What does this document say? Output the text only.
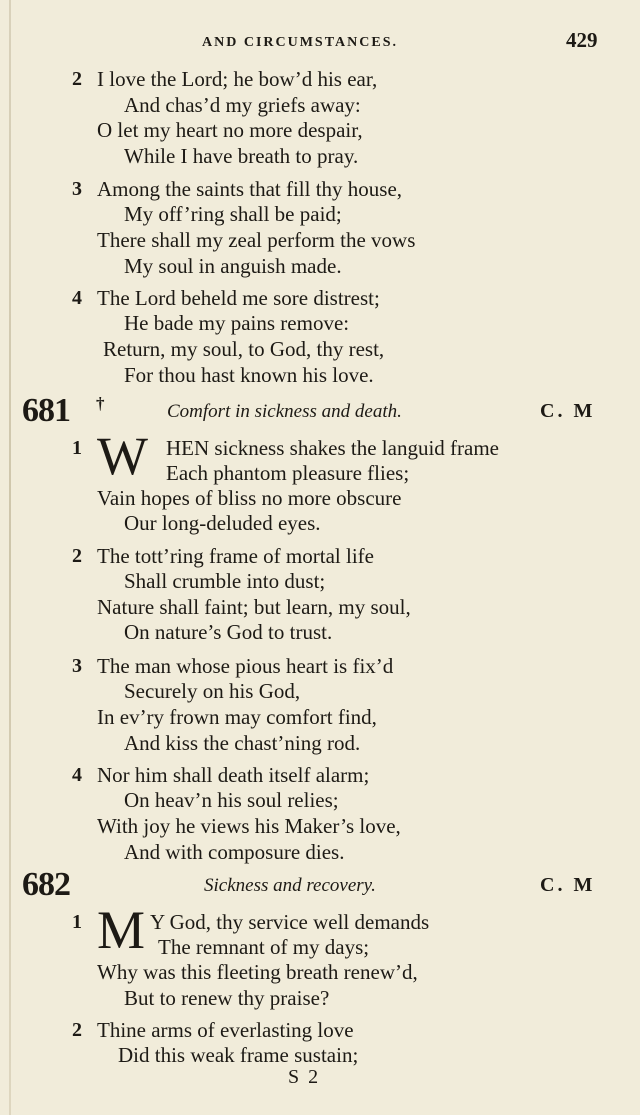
AND CIRCUMSTANCES.	429
2 I love the Lord; he bow’d his ear,
And chas’d my griefs away:
O let my heart no more despair,
While I have breath to pray.
3 Among the saints that fill thy house,
My off’ring shall be paid;
There shall my zeal perform the vows
My soul in anguish made.
4 The Lord beheld me sore distrest;
He bade my pains remove:
Return, my soul, to God, thy rest,
For thou hast known his love.
681 †	Comfort in sickness and death.	C. M
1 W HEN sickness shakes the languid frame
Each phantom pleasure flies;
Vain hopes of bliss no more obscure
Our long-deluded eyes.
2 The tott’ring frame of mortal life
Shall crumble into dust;
Nature shall faint; but learn, my soul,
On nature’s God to trust.
3 The man whose pious heart is fix’d
Securely on his God,
In ev’ry frown may comfort find,
And kiss the chast’ning rod.
4 Nor him shall death itself alarm;
On heav’n his soul relies;
With joy he views his Maker’s love,
And with composure dies.
682	Sickness and recovery.	C. M
1 M Y God, thy service well demands
The remnant of my days;
Why was this fleeting breath renew’d,
But to renew thy praise?
2 Thine arms of everlasting love
Did this weak frame sustain;
S 2
